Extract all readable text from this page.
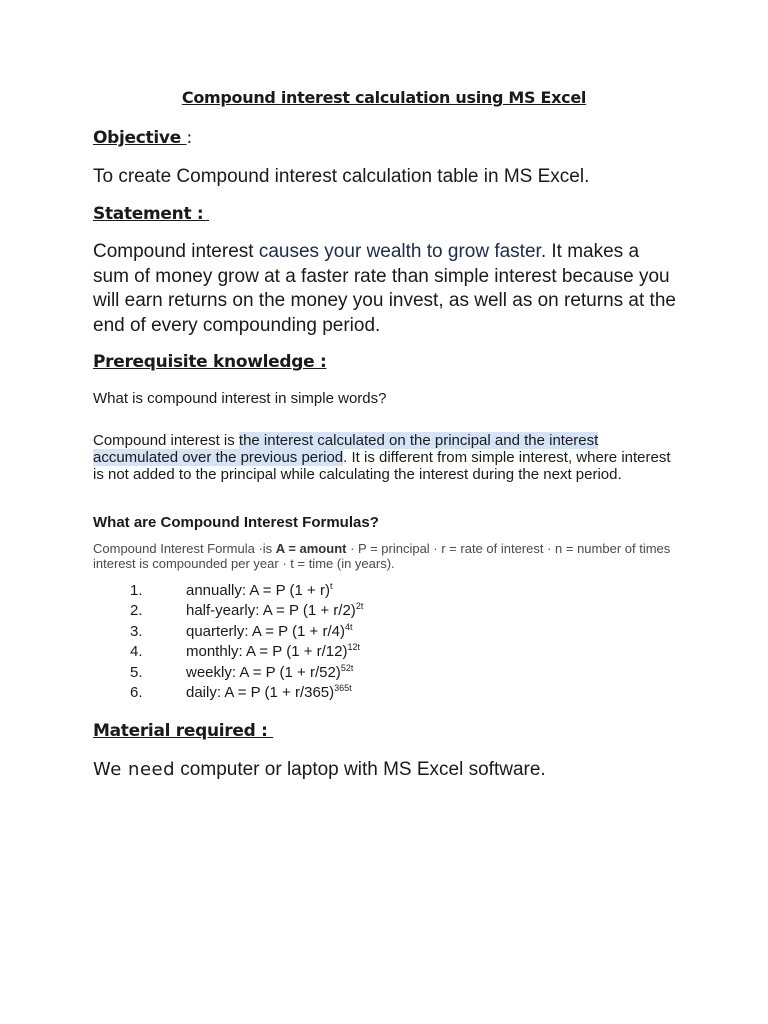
Compound interest calculation using MS Excel
Objective :
To create Compound interest calculation table in MS Excel.
Statement :
Compound interest causes your wealth to grow faster. It makes a sum of money grow at a faster rate than simple interest because you will earn returns on the money you invest, as well as on returns at the end of every compounding period.
Prerequisite knowledge :
What is compound interest in simple words?
Compound interest is the interest calculated on the principal and the interest accumulated over the previous period. It is different from simple interest, where interest is not added to the principal while calculating the interest during the next period.
What are Compound Interest Formulas?
Compound Interest Formula ·is A = amount · P = principal · r = rate of interest · n = number of times interest is compounded per year · t = time (in years).
1.	annually: A = P $(1 + r)^t$
2.	half-yearly: A = P $(1 + r/2)^{2t}$
3.	quarterly: A = P $(1 + r/4)^{4t}$
4.	monthly: A = P $(1 + r/12)^{12t}$
5.	weekly: A = P $(1 + r/52)^{52t}$
6.	daily: A = P $(1 + r/365)^{365t}$
Material required :
We need computer or laptop with MS Excel software.
